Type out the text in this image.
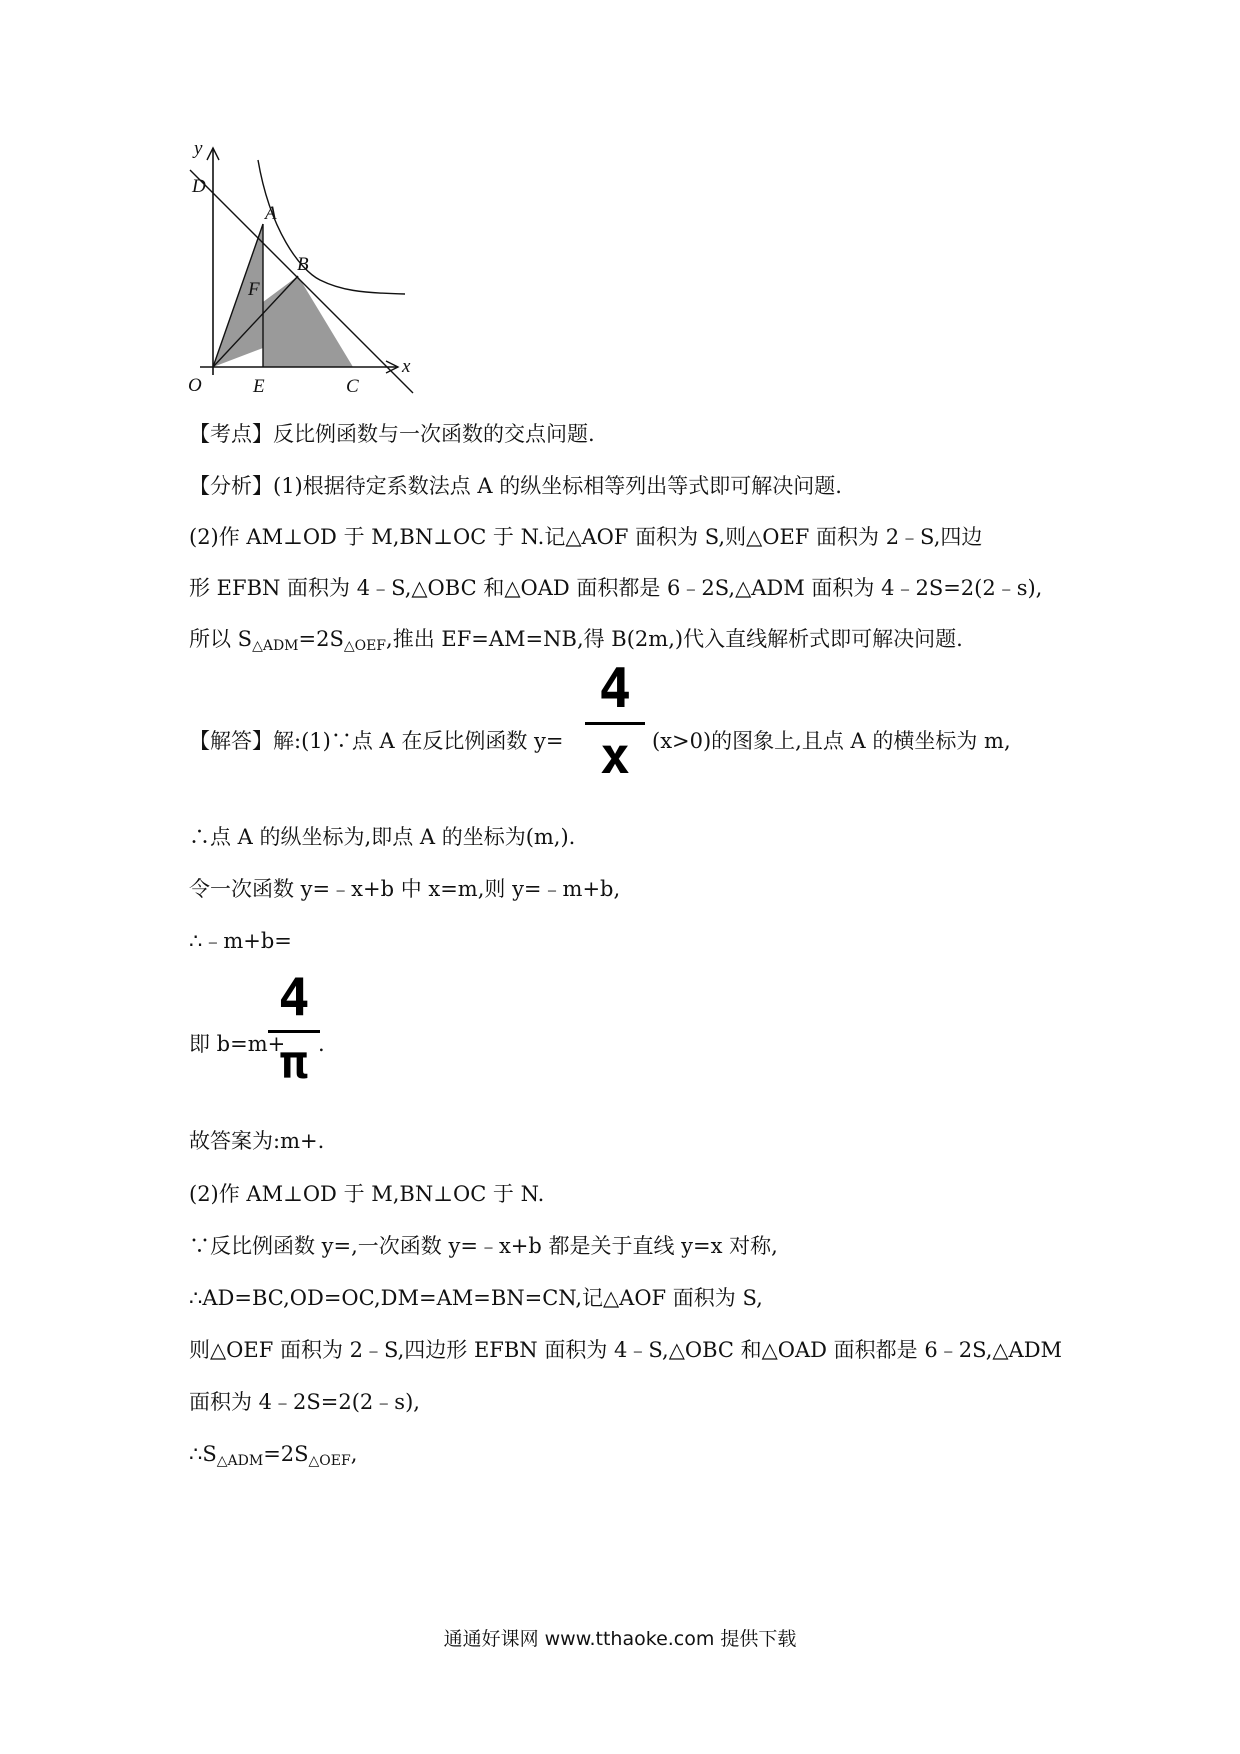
y
x
D
A
B
F
O	E	C
【考点】反比例函数与一次函数的交点问题.
【分析】(1)根据待定系数法点 A 的纵坐标相等列出等式即可解决问题.
(2)作 AM⊥OD 于 M,BN⊥OC 于 N.记△AOF 面积为 S,则△OEF 面积为 2﹣S,四边
形 EFBN 面积为 4﹣S,△OBC 和△OAD 面积都是 6﹣2S,△ADM 面积为 4﹣2S=2(2﹣s),
所以 $S_{\triangle ADM}=2S_{\triangle OEF}$,推出 EF=AM=NB,得 B(2m,)代入直线解析式即可解决问题.
【解答】解:(1)∵点 A 在反比例函数 $y= \frac{4}{x} (x>0)$的图象上,且点 A 的横坐标为 m,
∴点 A 的纵坐标为,即点 A 的坐标为(m,).
令一次函数 y=﹣x+b 中 x=m,则 y=﹣m+b,
∴﹣m+b=
即 b=m+
$\frac{4}{\pi}$
.
故答案为:m+.
(2)作 AM⊥OD 于 M,BN⊥OC 于 N.
∵反比例函数 y=,一次函数 y=﹣x+b 都是关于直线 y=x 对称,
∴AD=BC,OD=OC,DM=AM=BN=CN,记△AOF 面积为 S,
则△OEF 面积为 2﹣S,四边形 EFBN 面积为 4﹣S,△OBC 和△OAD 面积都是 6﹣2S,△ADM
面积为 4﹣2S=2(2﹣s),
$\therefore S_{\triangle ADM}=2S_{\triangle OEF}$,
通通好课网 www.tthaoke.com 提供下载
